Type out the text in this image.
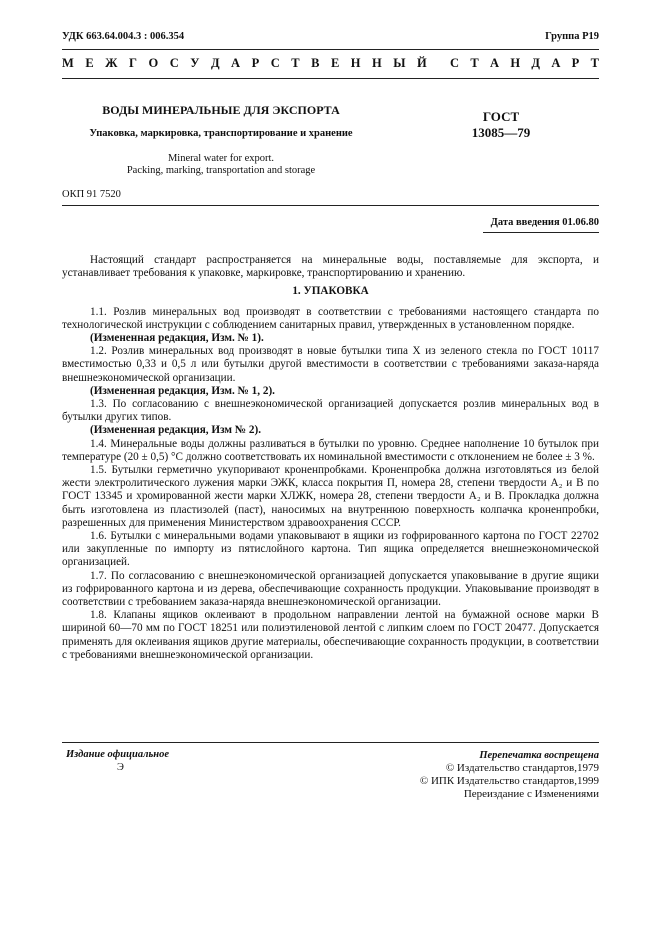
УДК 663.64.004.3 : 006.354	Группа Р19
М Е Ж Г О С У Д А Р С Т В Е Н Н Ы Й С Т А Н Д А Р Т
ВОДЫ МИНЕРАЛЬНЫЕ ДЛЯ ЭКСПОРТА
Упаковка, маркировка, транспортирование и хранение
Mineral water for export.
Packing, marking, transportation and storage
ГОСТ
13085—79
ОКП 91 7520
Дата введения 01.06.80

Настоящий стандарт распространяется на минеральные воды, поставляемые для экспорта, и устанавливает требования к упаковке, маркировке, транспортированию и хранению.

1. УПАКОВКА

1.1. Розлив минеральных вод производят в соответствии с требованиями настоящего стандарта по технологической инструкции с соблюдением санитарных правил, утвержденных в установленном порядке.

(Измененная редакция, Изм. № 1).

1.2. Розлив минеральных вод производят в новые бутылки типа X из зеленого стекла по ГОСТ 10117 вместимостью 0,33 и 0,5 л или бутылки другой вместимости в соответствии с требованиями заказа-наряда внешнеэкономической организации.

(Измененная редакция, Изм. № 1, 2).

1.3. По согласованию с внешнеэкономической организацией допускается розлив минеральных вод в бутылки других типов.

(Измененная редакция, Изм № 2).

1.4. Минеральные воды должны разливаться в бутылки по уровню. Среднее наполнение 10 бутылок при температуре (20 ± 0,5) °С должно соответствовать их номинальной вместимости с отклонением не более ± 3 %.

1.5. Бутылки герметично укупоривают кроненпробками. Кроненпробка должна изготовляться из белой жести электролитического лужения марки ЭЖК, класса покрытия П, номера 28, степени твердости А₂ и В по ГОСТ 13345 и хромированной жести марки ХЛЖК, номера 28, степени твердости А₂ и В. Прокладка должна быть изготовлена из пластизолей (паст), наносимых на внутреннюю поверхность колпачка кроненпробки, разрешенных для применения Министерством здравоохранения СССР.

1.6. Бутылки с минеральными водами упаковывают в ящики из гофрированного картона по ГОСТ 22702 или закупленные по импорту из пятислойного картона. Тип ящика определяется внешнеэкономической организацией.

1.7. По согласованию с внешнеэкономической организацией допускается упаковывание в другие ящики из гофрированного картона и из дерева, обеспечивающие сохранность продукции. Упаковывание производят в соответствии с требованием заказа-наряда внешнеэкономической организации.

1.8. Клапаны ящиков оклеивают в продольном направлении лентой на бумажной основе марки В шириной 60—70 мм по ГОСТ 18251 или полиэтиленовой лентой с липким слоем по ГОСТ 20477. Допускается применять для оклеивания ящиков другие материалы, обеспечивающие сохранность продукции, в соответствии с требованиями внешнеэкономической организации.

Издание официальное
Э
Перепечатка воспрещена
© Издательство стандартов,1979
© ИПК Издательство стандартов,1999
Переиздание с Изменениями
